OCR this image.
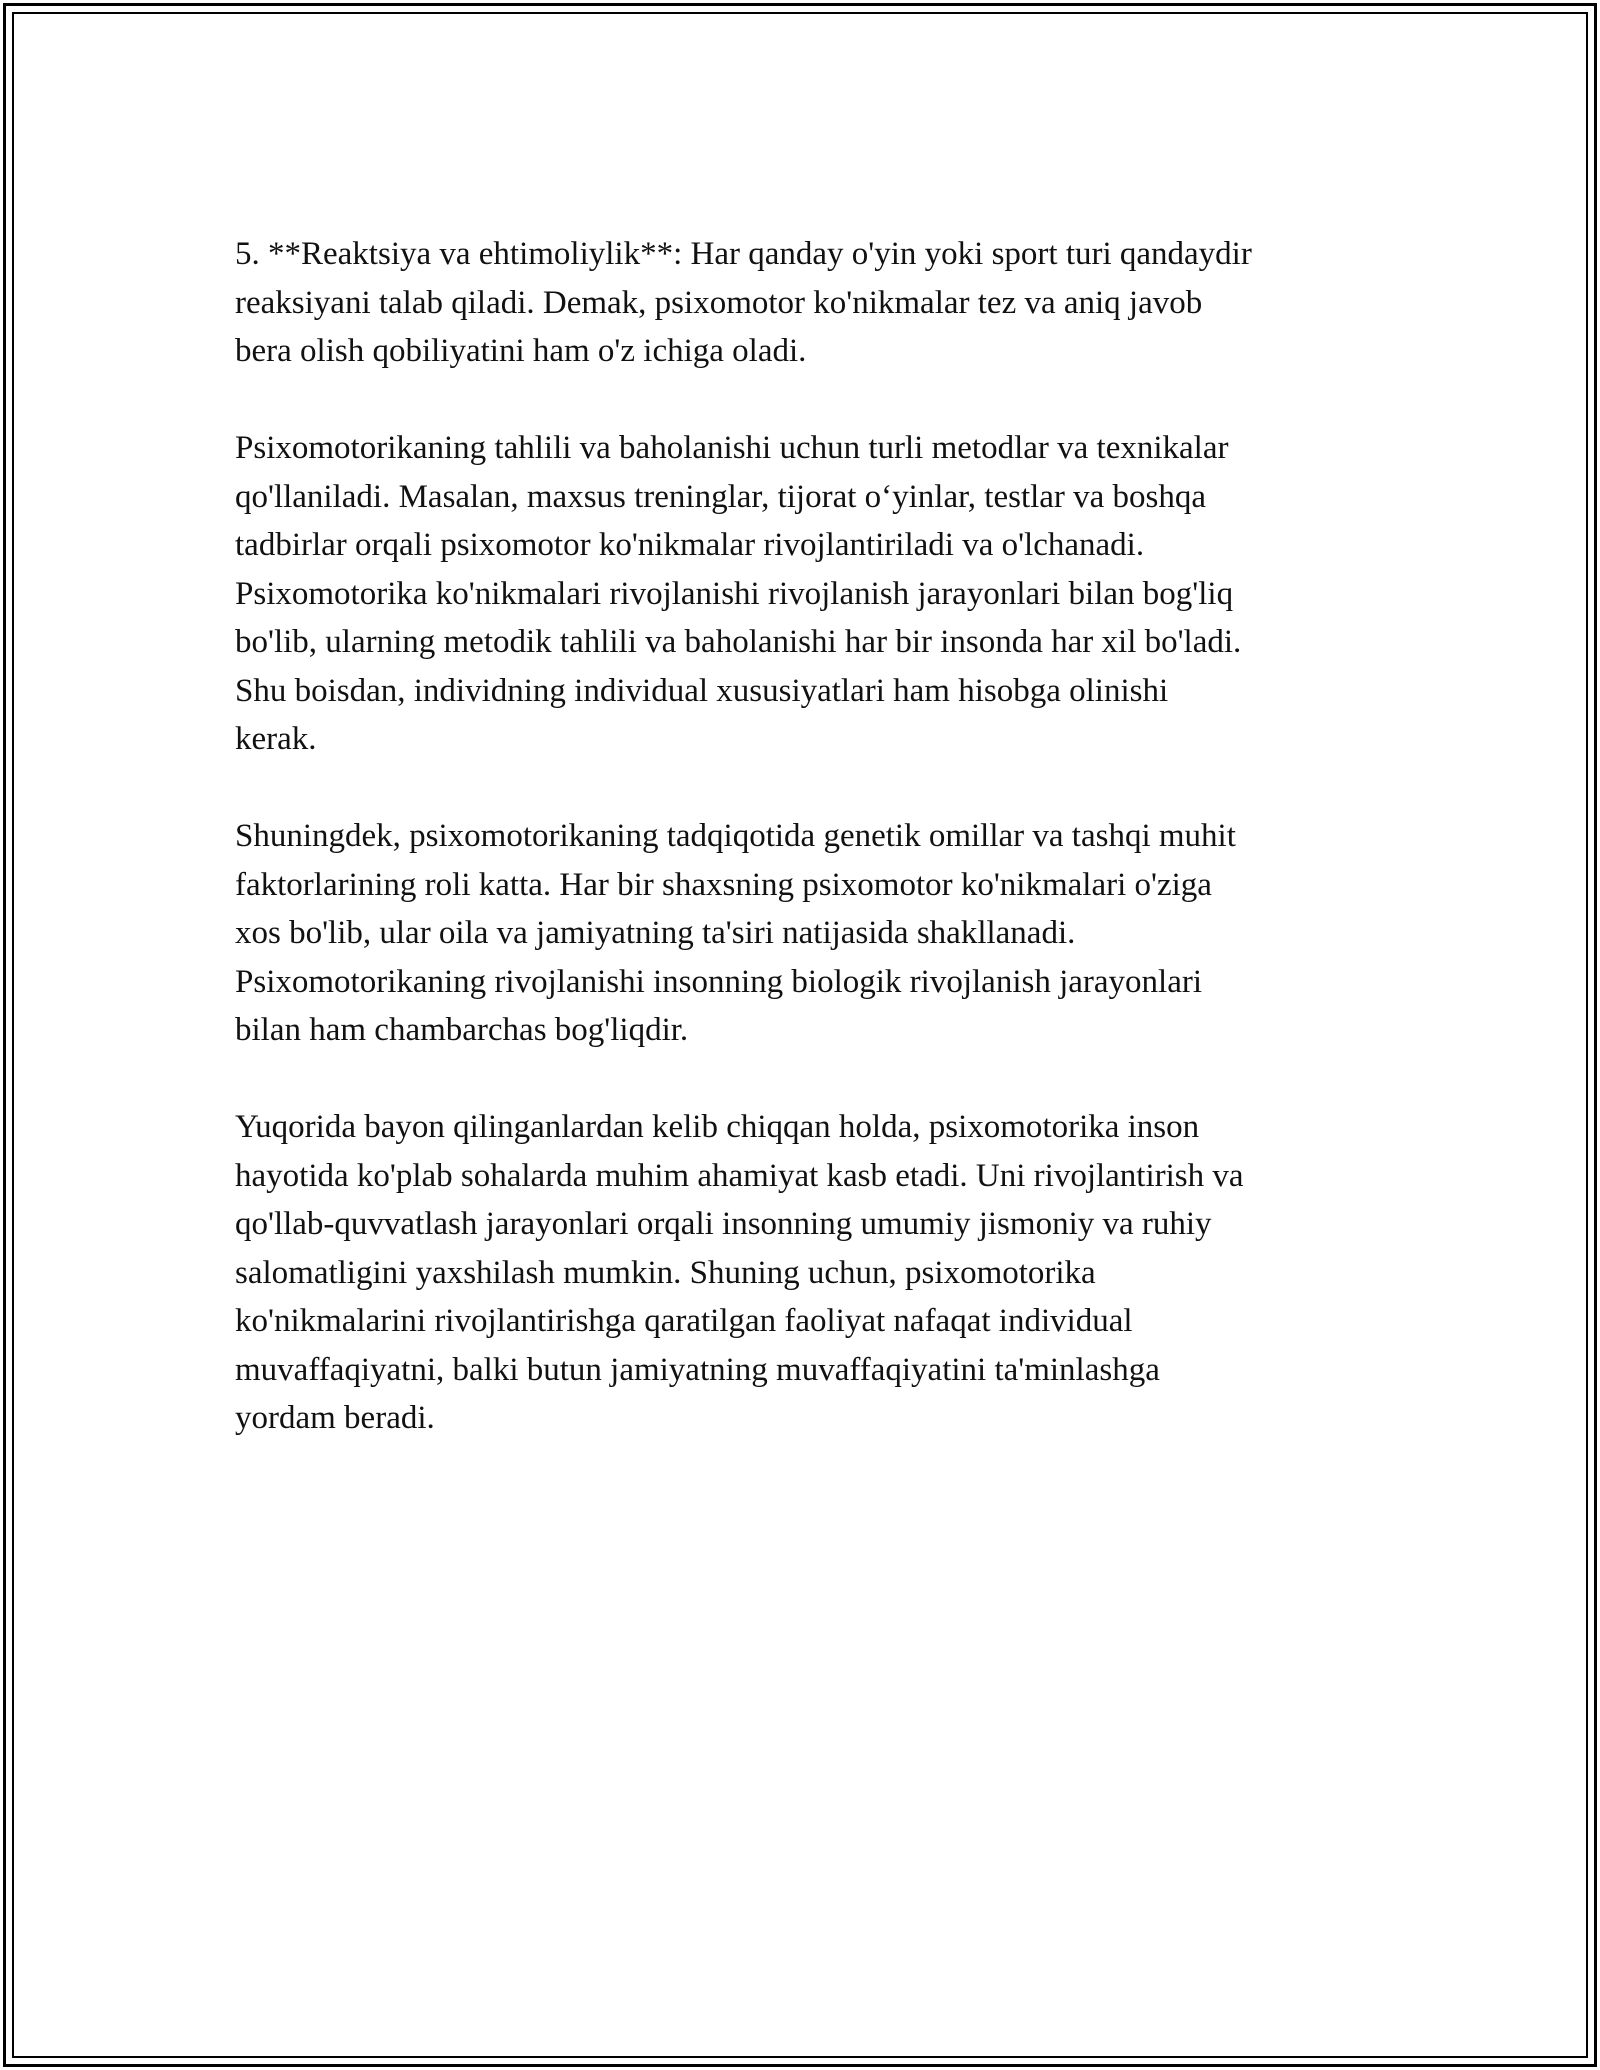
5. **Reaktsiya va ehtimoliylik**: Har qanday o'yin yoki sport turi qandaydir
reaksiyani talab qiladi. Demak, psixomotor ko'nikmalar tez va aniq javob
bera olish qobiliyatini ham o'z ichiga oladi.

Psixomotorikaning tahlili va baholanishi uchun turli metodlar va texnikalar
qo'llaniladi. Masalan, maxsus treninglar, tijorat o‘yinlar, testlar va boshqa
tadbirlar orqali psixomotor ko'nikmalar rivojlantiriladi va o'lchanadi.
Psixomotorika ko'nikmalari rivojlanishi rivojlanish jarayonlari bilan bog'liq
bo'lib, ularning metodik tahlili va baholanishi har bir insonda har xil bo'ladi.
Shu boisdan, individning individual xususiyatlari ham hisobga olinishi
kerak.

Shuningdek, psixomotorikaning tadqiqotida genetik omillar va tashqi muhit
faktorlarining roli katta. Har bir shaxsning psixomotor ko'nikmalari o'ziga
xos bo'lib, ular oila va jamiyatning ta'siri natijasida shakllanadi.
Psixomotorikaning rivojlanishi insonning biologik rivojlanish jarayonlari
bilan ham chambarchas bog'liqdir.

Yuqorida bayon qilinganlardan kelib chiqqan holda, psixomotorika inson
hayotida ko'plab sohalarda muhim ahamiyat kasb etadi. Uni rivojlantirish va
qo'llab-quvvatlash jarayonlari orqali insonning umumiy jismoniy va ruhiy
salomatligini yaxshilash mumkin. Shuning uchun, psixomotorika
ko'nikmalarini rivojlantirishga qaratilgan faoliyat nafaqat individual
muvaffaqiyatni, balki butun jamiyatning muvaffaqiyatini ta'minlashga
yordam beradi.
